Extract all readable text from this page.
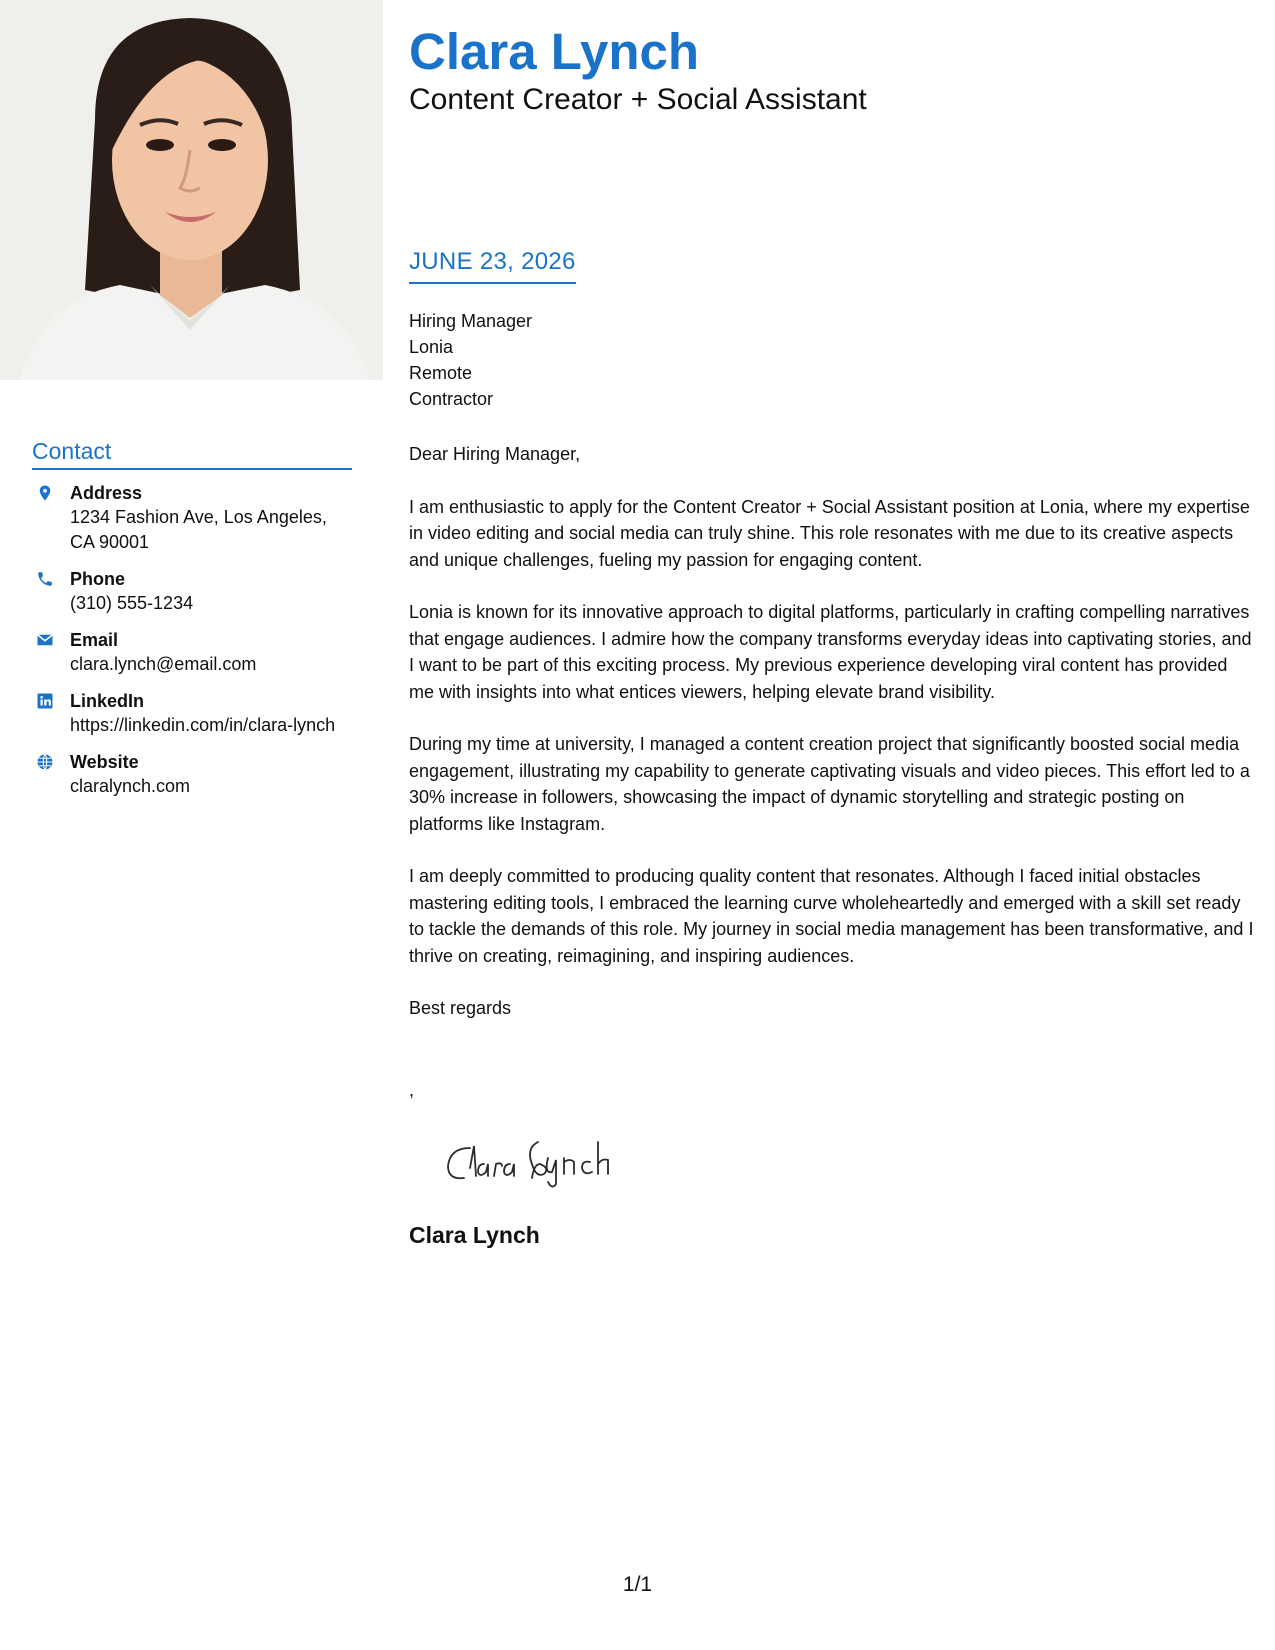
Contact
Address
1234 Fashion Ave, Los Angeles, CA 90001
Phone
(310) 555-1234
Email
clara.lynch@email.com
LinkedIn
https://linkedin.com/in/clara-lynch
Website
claralynch.com
Clara Lynch
Content Creator + Social Assistant
JUNE 23, 2026
Hiring Manager
Lonia
Remote
Contractor

Dear Hiring Manager,

I am enthusiastic to apply for the Content Creator + Social Assistant position at Lonia, where my expertise in video editing and social media can truly shine. This role resonates with me due to its creative aspects and unique challenges, fueling my passion for engaging content.

Lonia is known for its innovative approach to digital platforms, particularly in crafting compelling narratives that engage audiences. I admire how the company transforms everyday ideas into captivating stories, and I want to be part of this exciting process. My previous experience developing viral content has provided me with insights into what entices viewers, helping elevate brand visibility.

During my time at university, I managed a content creation project that significantly boosted social media engagement, illustrating my capability to generate captivating visuals and video pieces. This effort led to a 30% increase in followers, showcasing the impact of dynamic storytelling and strategic posting on platforms like Instagram.

I am deeply committed to producing quality content that resonates. Although I faced initial obstacles mastering editing tools, I embraced the learning curve wholeheartedly and emerged with a skill set ready to tackle the demands of this role. My journey in social media management has been transformative, and I thrive on creating, reimagining, and inspiring audiences.

Best regards

,
Clara Lynch
1/1
